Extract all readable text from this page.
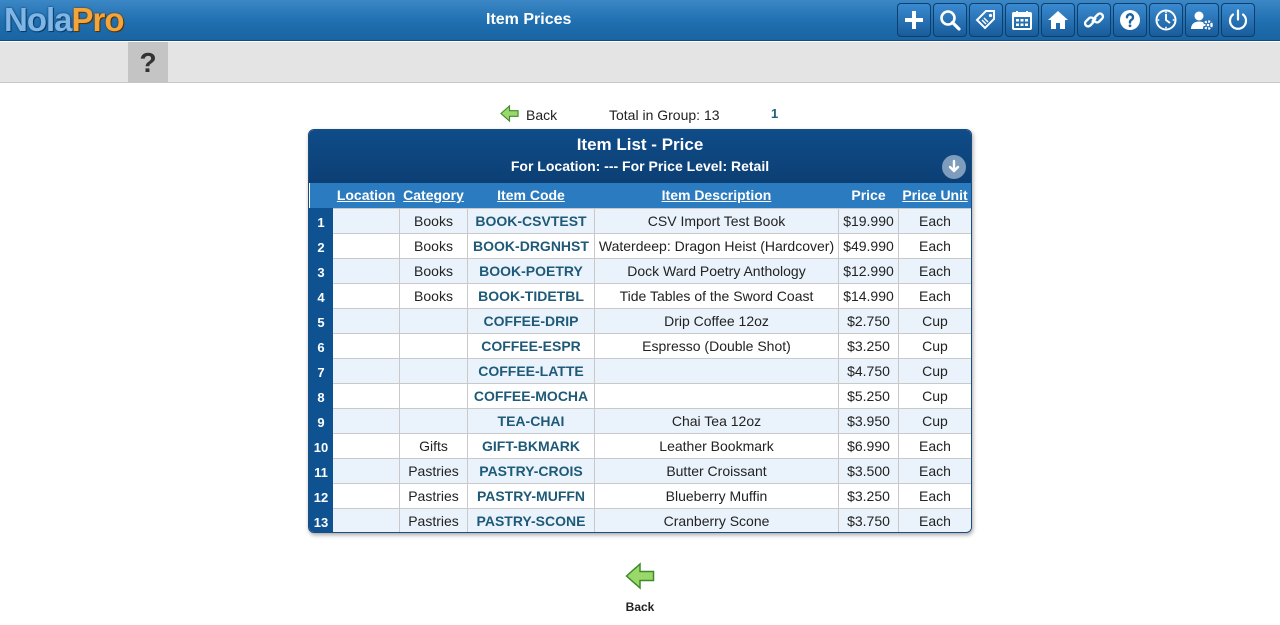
NolaPro	Item Prices
?
Back	Total in Group: 13	1
Item List - Price
For Location: --- For Price Level: Retail
	Location	Category	Item Code	Item Description	Price	Price Unit
1		Books	BOOK-CSVTEST	CSV Import Test Book	$19.990	Each
2		Books	BOOK-DRGNHST	Waterdeep: Dragon Heist (Hardcover)	$49.990	Each
3		Books	BOOK-POETRY	Dock Ward Poetry Anthology	$12.990	Each
4		Books	BOOK-TIDETBL	Tide Tables of the Sword Coast	$14.990	Each
5			COFFEE-DRIP	Drip Coffee 12oz	$2.750	Cup
6			COFFEE-ESPR	Espresso (Double Shot)	$3.250	Cup
7			COFFEE-LATTE		$4.750	Cup
8			COFFEE-MOCHA		$5.250	Cup
9			TEA-CHAI	Chai Tea 12oz	$3.950	Cup
10		Gifts	GIFT-BKMARK	Leather Bookmark	$6.990	Each
11		Pastries	PASTRY-CROIS	Butter Croissant	$3.500	Each
12		Pastries	PASTRY-MUFFN	Blueberry Muffin	$3.250	Each
13		Pastries	PASTRY-SCONE	Cranberry Scone	$3.750	Each
Back
